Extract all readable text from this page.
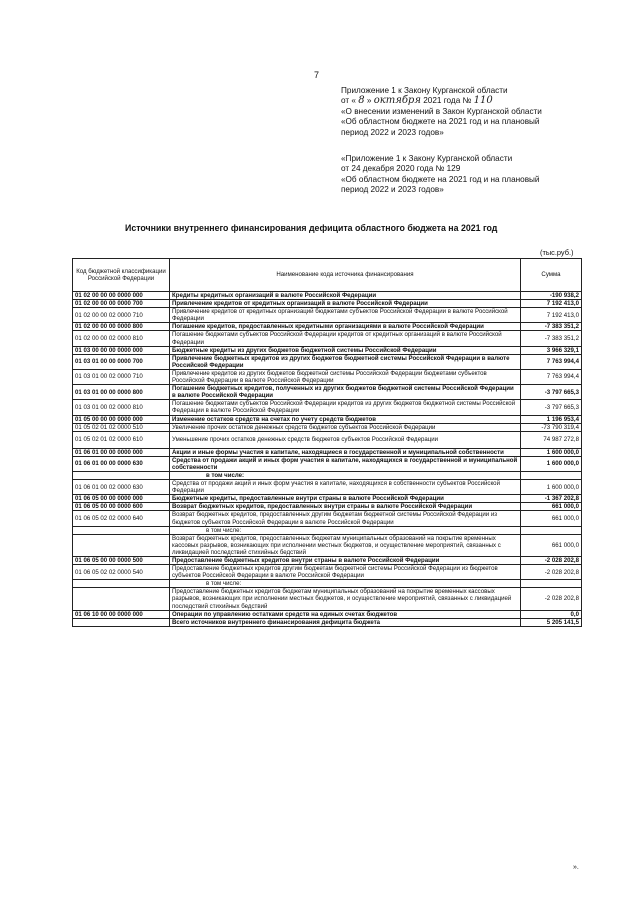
7
Приложение 1 к Закону Курганской области
от « 8 » октября 2021 года № 110
«О внесении изменений в Закон Курганской области
«Об областном бюджете на 2021 год и на плановый
период 2022 и 2023 годов»
«Приложение 1 к Закону Курганской области
от 24 декабря 2020 года № 129
«Об областном бюджете на 2021 год и на плановый
период 2022 и 2023 годов»
Источники внутреннего финансирования дефицита областного бюджета на 2021 год
(тыс.руб.)
Код бюджетной классификации Российской Федерации	Наименование кода источника финансирования	Сумма
01 02 00 00 00 0000 000	Кредиты кредитных организаций в валюте Российской Федерации	-190 938,2
01 02 00 00 00 0000 700	Привлечение кредитов от кредитных организаций в валюте Российской Федерации	7 192 413,0
01 02 00 00 02 0000 710	Привлечение кредитов от кредитных организаций бюджетами субъектов Российской Федерации в валюте Российской Федерации	7 192 413,0
01 02 00 00 00 0000 800	Погашение кредитов, предоставленных кредитными организациями в валюте Российской Федерации	-7 383 351,2
01 02 00 00 02 0000 810	Погашение бюджетами субъектов Российской Федерации кредитов от кредитных организаций в валюте Российской Федерации	-7 383 351,2
01 03 00 00 00 0000 000	Бюджетные кредиты из других бюджетов бюджетной системы Российской Федерации	3 966 329,1
01 03 01 00 00 0000 700	Привлечение бюджетных кредитов из других бюджетов бюджетной системы Российской Федерации в валюте Российской Федерации	7 763 994,4
01 03 01 00 02 0000 710	Привлечение кредитов из других бюджетов бюджетной системы Российской Федерации бюджетами субъектов Российской Федерации в валюте Российской Федерации	7 763 994,4
01 03 01 00 00 0000 800	Погашение бюджетных кредитов, полученных из других бюджетов бюджетной системы Российской Федерации в валюте Российской Федерации	-3 797 665,3
01 03 01 00 02 0000 810	Погашение бюджетами субъектов Российской Федерации кредитов из других бюджетов бюджетной системы Российской Федерации в валюте Российской Федерации	-3 797 665,3
01 05 00 00 00 0000 000	Изменение остатков средств на счетах по учету средств бюджетов	1 196 953,4
01 05 02 01 02 0000 510	Увеличение прочих остатков денежных средств бюджетов субъектов Российской Федерации	-73 790 319,4
01 05 02 01 02 0000 610	Уменьшение прочих остатков денежных средств бюджетов субъектов Российской Федерации	74 987 272,8
01 06 01 00 00 0000 000	Акции и иные формы участия в капитале, находящиеся в государственной и муниципальной собственности	1 600 000,0
01 06 01 00 00 0000 630	Средства от продажи акций и иных форм участия в капитале, находящихся в государственной и муниципальной собственности	1 600 000,0
	в том числе:	
01 06 01 00 02 0000 630	Средства от продажи акций и иных форм участия в капитале, находящихся в собственности субъектов Российской Федерации	1 600 000,0
01 06 05 00 00 0000 000	Бюджетные кредиты, предоставленные внутри страны в валюте Российской Федерации	-1 367 202,8
01 06 05 00 00 0000 600	Возврат бюджетных кредитов, предоставленных внутри страны в валюте Российской Федерации	661 000,0
01 06 05 02 02 0000 640	Возврат бюджетных кредитов, предоставленных другим бюджетам бюджетной системы Российской Федерации из бюджетов субъектов Российской Федерации в валюте Российской Федерации	661 000,0
	в том числе:	
	Возврат бюджетных кредитов, предоставленных бюджетам муниципальных образований на покрытие временных кассовых разрывов, возникающих при исполнении местных бюджетов, и осуществление мероприятий, связанных с ликвидацией последствий стихийных бедствий	661 000,0
01 06 05 00 00 0000 500	Предоставление бюджетных кредитов внутри страны в валюте Российской Федерации	-2 028 202,8
01 06 05 02 02 0000 540	Предоставление бюджетных кредитов другим бюджетам бюджетной системы Российской Федерации из бюджетов субъектов Российской Федерации в валюте Российской Федерации	-2 028 202,8
	в том числе:	
	Предоставление бюджетных кредитов бюджетам муниципальных образований на покрытие временных кассовых разрывов, возникающих при исполнении местных бюджетов, и осуществление мероприятий, связанных с ликвидацией последствий стихийных бедствий	-2 028 202,8
01 06 10 00 00 0000 000	Операции по управлению остатками средств на единых счетах бюджетов	0,0
	Всего источников внутреннего финансирования дефицита бюджета	5 205 141,5
».
